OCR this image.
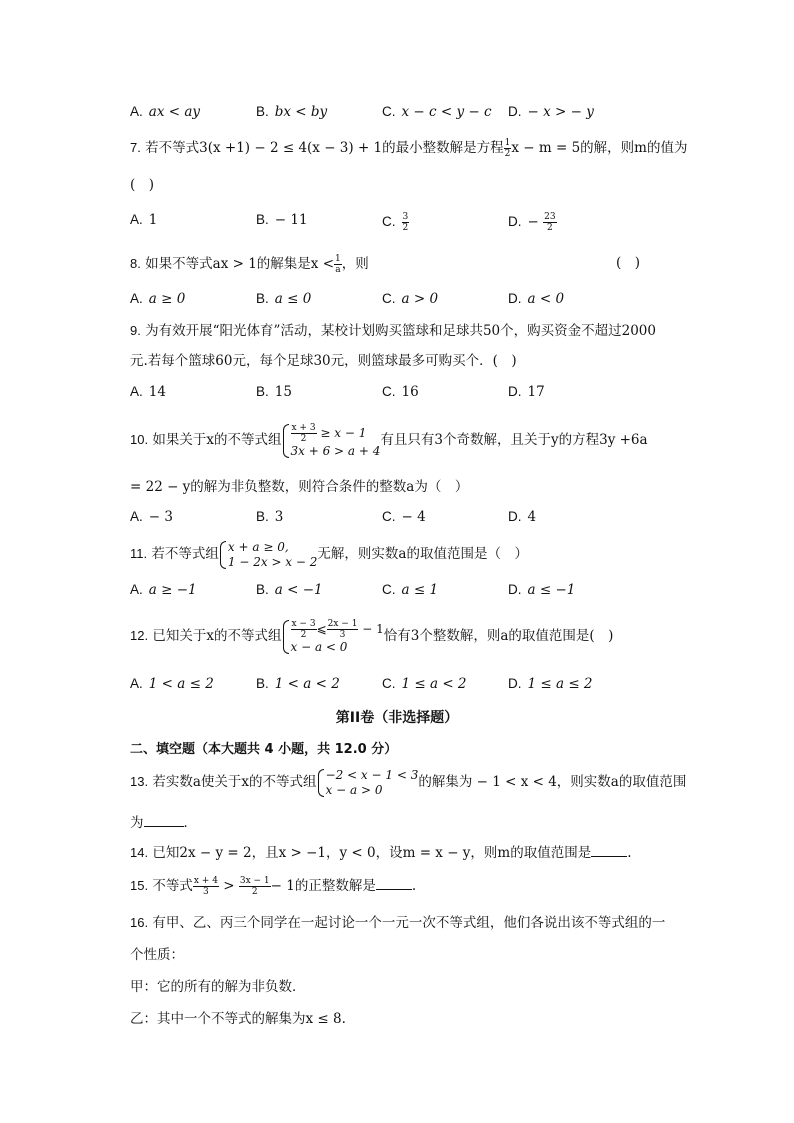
A. ax < ay	B. bx < by	C. x − c < y − c D. − x > − y
7. 若不等式3(x +1) − 2 ≤ 4(x − 3) + 1的最小整数解是方程 $\frac{1}{2}$ x − m = 5的解，则m的值为
(　)
A. 1	B. − 11	C. $\frac{3}{2}$	D. − $\frac{23}{2}$
8. 如果不等式ax > 1的解集是$x < \frac{1}{a}$ ，则	(　)
A. a ≥ 0	B. a ≤ 0	C. a > 0	D. a < 0
9. 为有效开展“阳光体育”活动，某校计划购买篮球和足球共50个，购买资金不超过2000
元.若每个篮球60元，每个足球30元，则篮球最多可购买个．(　)
A. 14	B. 15	C. 16	D. 17
10. 如果关于x的不等式组 $\frac{x + 3}{2} \ge x - 1$
3x + 6 > a + 4
有且只有3个奇数解，且关于y的方程3y +6a
= 22 − y的解为非负整数，则符合条件的整数a为（　）
A. − 3	B. 3	C. − 4	D. 4
11. 若不等式组 x + a ≥ 0,
1 − 2x > x − 2 无解，则实数a的取值范围是（　）
A. a ≥ −1	B. a < −1	C. a ≤ 1	D. a ≤ −1
12. 已知关于x的不等式组 $\frac{x - 3}{2}$ ⩽ $\frac{2x - 1}{3} - 1$
x − a < 0
恰有3个整数解，则a的取值范围是(　)
A. 1 < a ≤ 2	B. 1 < a < 2	C. 1 ≤ a < 2	D. 1 ≤ a ≤ 2
第II卷（非选择题）
二、填空题（本大题共 4 小题，共 12.0 分）
13. 若实数a使关于x的不等式组 −2 < x − 1 < 3
x − a > 0	的解集为 − 1 < x < 4，则实数a的取值范围
为	．
14. 已知2x − y = 2，且x > −1，y < 0，设m = x − y，则m的取值范围是	.
15. 不等式 $\frac{x + 4}{3} > \frac{3x - 1}{2} - 1$的正整数解是	.
16. 有甲、乙、丙三个同学在一起讨论一个一元一次不等式组，他们各说出该不等式组的一
个性质：
甲：它的所有的解为非负数．
乙：其中一个不等式的解集为x ≤ 8.
